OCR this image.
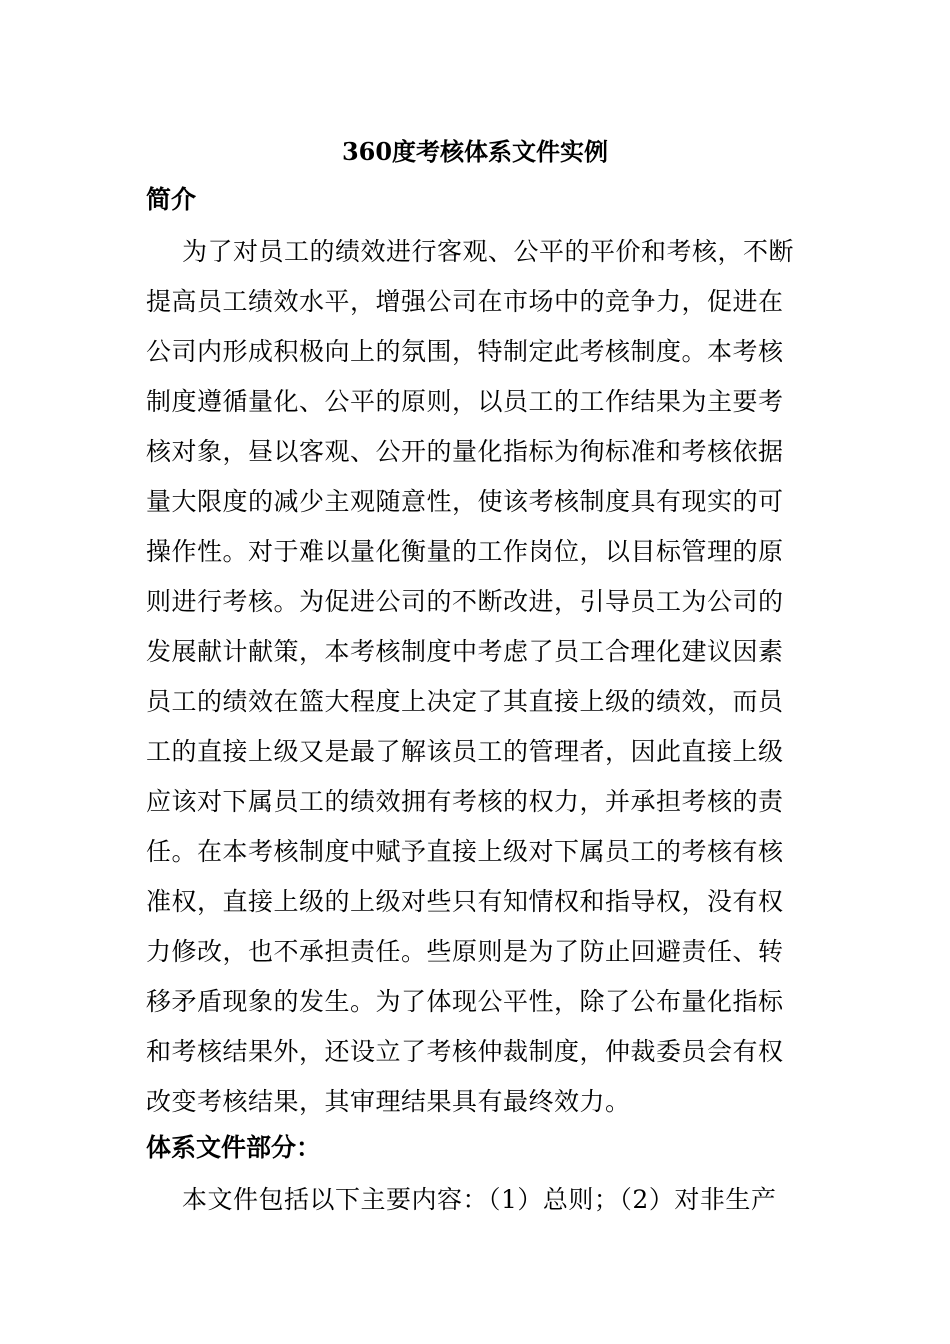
360度考核体系文件实例
简介
为了对员工的绩效进行客观、公平的平价和考核，不断
提高员工绩效水平，增强公司在市场中的竞争力，促进在
公司内形成积极向上的氛围，特制定此考核制度。本考核
制度遵循量化、公平的原则，以员工的工作结果为主要考
核对象，昼以客观、公开的量化指标为徇标准和考核依据
量大限度的减少主观随意性，使该考核制度具有现实的可
操作性。对于难以量化衡量的工作岗位，以目标管理的原
则进行考核。为促进公司的不断改进，引导员工为公司的
发展献计献策，本考核制度中考虑了员工合理化建议因素
员工的绩效在篮大程度上决定了其直接上级的绩效，而员
工的直接上级又是最了解该员工的管理者，因此直接上级
应该对下属员工的绩效拥有考核的权力，并承担考核的责
任。在本考核制度中赋予直接上级对下属员工的考核有核
准权，直接上级的上级对些只有知情权和指导权，没有权
力修改，也不承担责任。些原则是为了防止回避责任、转
移矛盾现象的发生。为了体现公平性，除了公布量化指标
和考核结果外，还设立了考核仲裁制度，仲裁委员会有权
改变考核结果，其审理结果具有最终效力。
体系文件部分：
本文件包括以下主要内容：（1）总则；（2）对非生产
